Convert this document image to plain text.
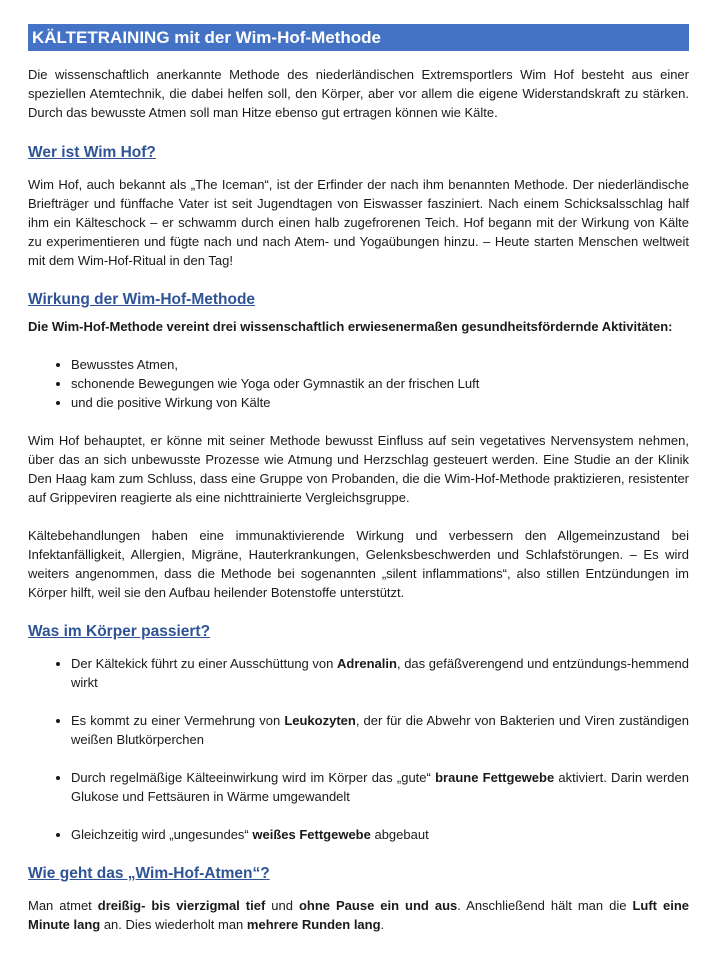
KÄLTETRAINING mit der Wim-Hof-Methode

Die wissenschaftlich anerkannte Methode des niederländischen Extremsportlers Wim Hof besteht aus einer speziellen Atemtechnik, die dabei helfen soll, den Körper, aber vor allem die eigene Widerstandskraft zu stärken. Durch das bewusste Atmen soll man Hitze ebenso gut ertragen können wie Kälte.

Wer ist Wim Hof?

Wim Hof, auch bekannt als „The Iceman“, ist der Erfinder der nach ihm benannten Methode. Der niederländische Briefträger und fünffache Vater ist seit Jugendtagen von Eiswasser fasziniert. Nach einem Schicksalsschlag half ihm ein Kälteschock – er schwamm durch einen halb zugefrorenen Teich. Hof begann mit der Wirkung von Kälte zu experimentieren und fügte nach und nach Atem- und Yogaübungen hinzu. – Heute starten Menschen weltweit mit dem Wim-Hof-Ritual in den Tag!

Wirkung der Wim-Hof-Methode
Die Wim-Hof-Methode vereint drei wissenschaftlich erwiesenermaßen gesundheitsfördernde Aktivitäten:
• Bewusstes Atmen,
• schonende Bewegungen wie Yoga oder Gymnastik an der frischen Luft
• und die positive Wirkung von Kälte

Wim Hof behauptet, er könne mit seiner Methode bewusst Einfluss auf sein vegetatives Nervensystem nehmen, über das an sich unbewusste Prozesse wie Atmung und Herzschlag gesteuert werden. Eine Studie an der Klinik Den Haag kam zum Schluss, dass eine Gruppe von Probanden, die die Wim-Hof-Methode praktizieren, resistenter auf Grippeviren reagierte als eine nichttrainierte Vergleichsgruppe.

Kältebehandlungen haben eine immunaktivierende Wirkung und verbessern den Allgemeinzustand bei Infektanfälligkeit, Allergien, Migräne, Hauterkrankungen, Gelenksbeschwerden und Schlafstörungen. – Es wird weiters angenommen, dass die Methode bei sogenannten „silent inflammations“, also stillen Entzündungen im Körper hilft, weil sie den Aufbau heilender Botenstoffe unterstützt.

Was im Körper passiert?
• Der Kältekick führt zu einer Ausschüttung von Adrenalin, das gefäßverengend und entzündungs-hemmend wirkt
• Es kommt zu einer Vermehrung von Leukozyten, der für die Abwehr von Bakterien und Viren zuständigen weißen Blutkörperchen
• Durch regelmäßige Kälteeinwirkung wird im Körper das „gute“ braune Fettgewebe aktiviert. Darin werden Glukose und Fettsäuren in Wärme umgewandelt
• Gleichzeitig wird „ungesundes“ weißes Fettgewebe abgebaut
Wie geht das „Wim-Hof-Atmen“?

Man atmet dreißig- bis vierzigmal tief und ohne Pause ein und aus. Anschließend hält man die Luft eine Minute lang an. Dies wiederholt man mehrere Runden lang.
